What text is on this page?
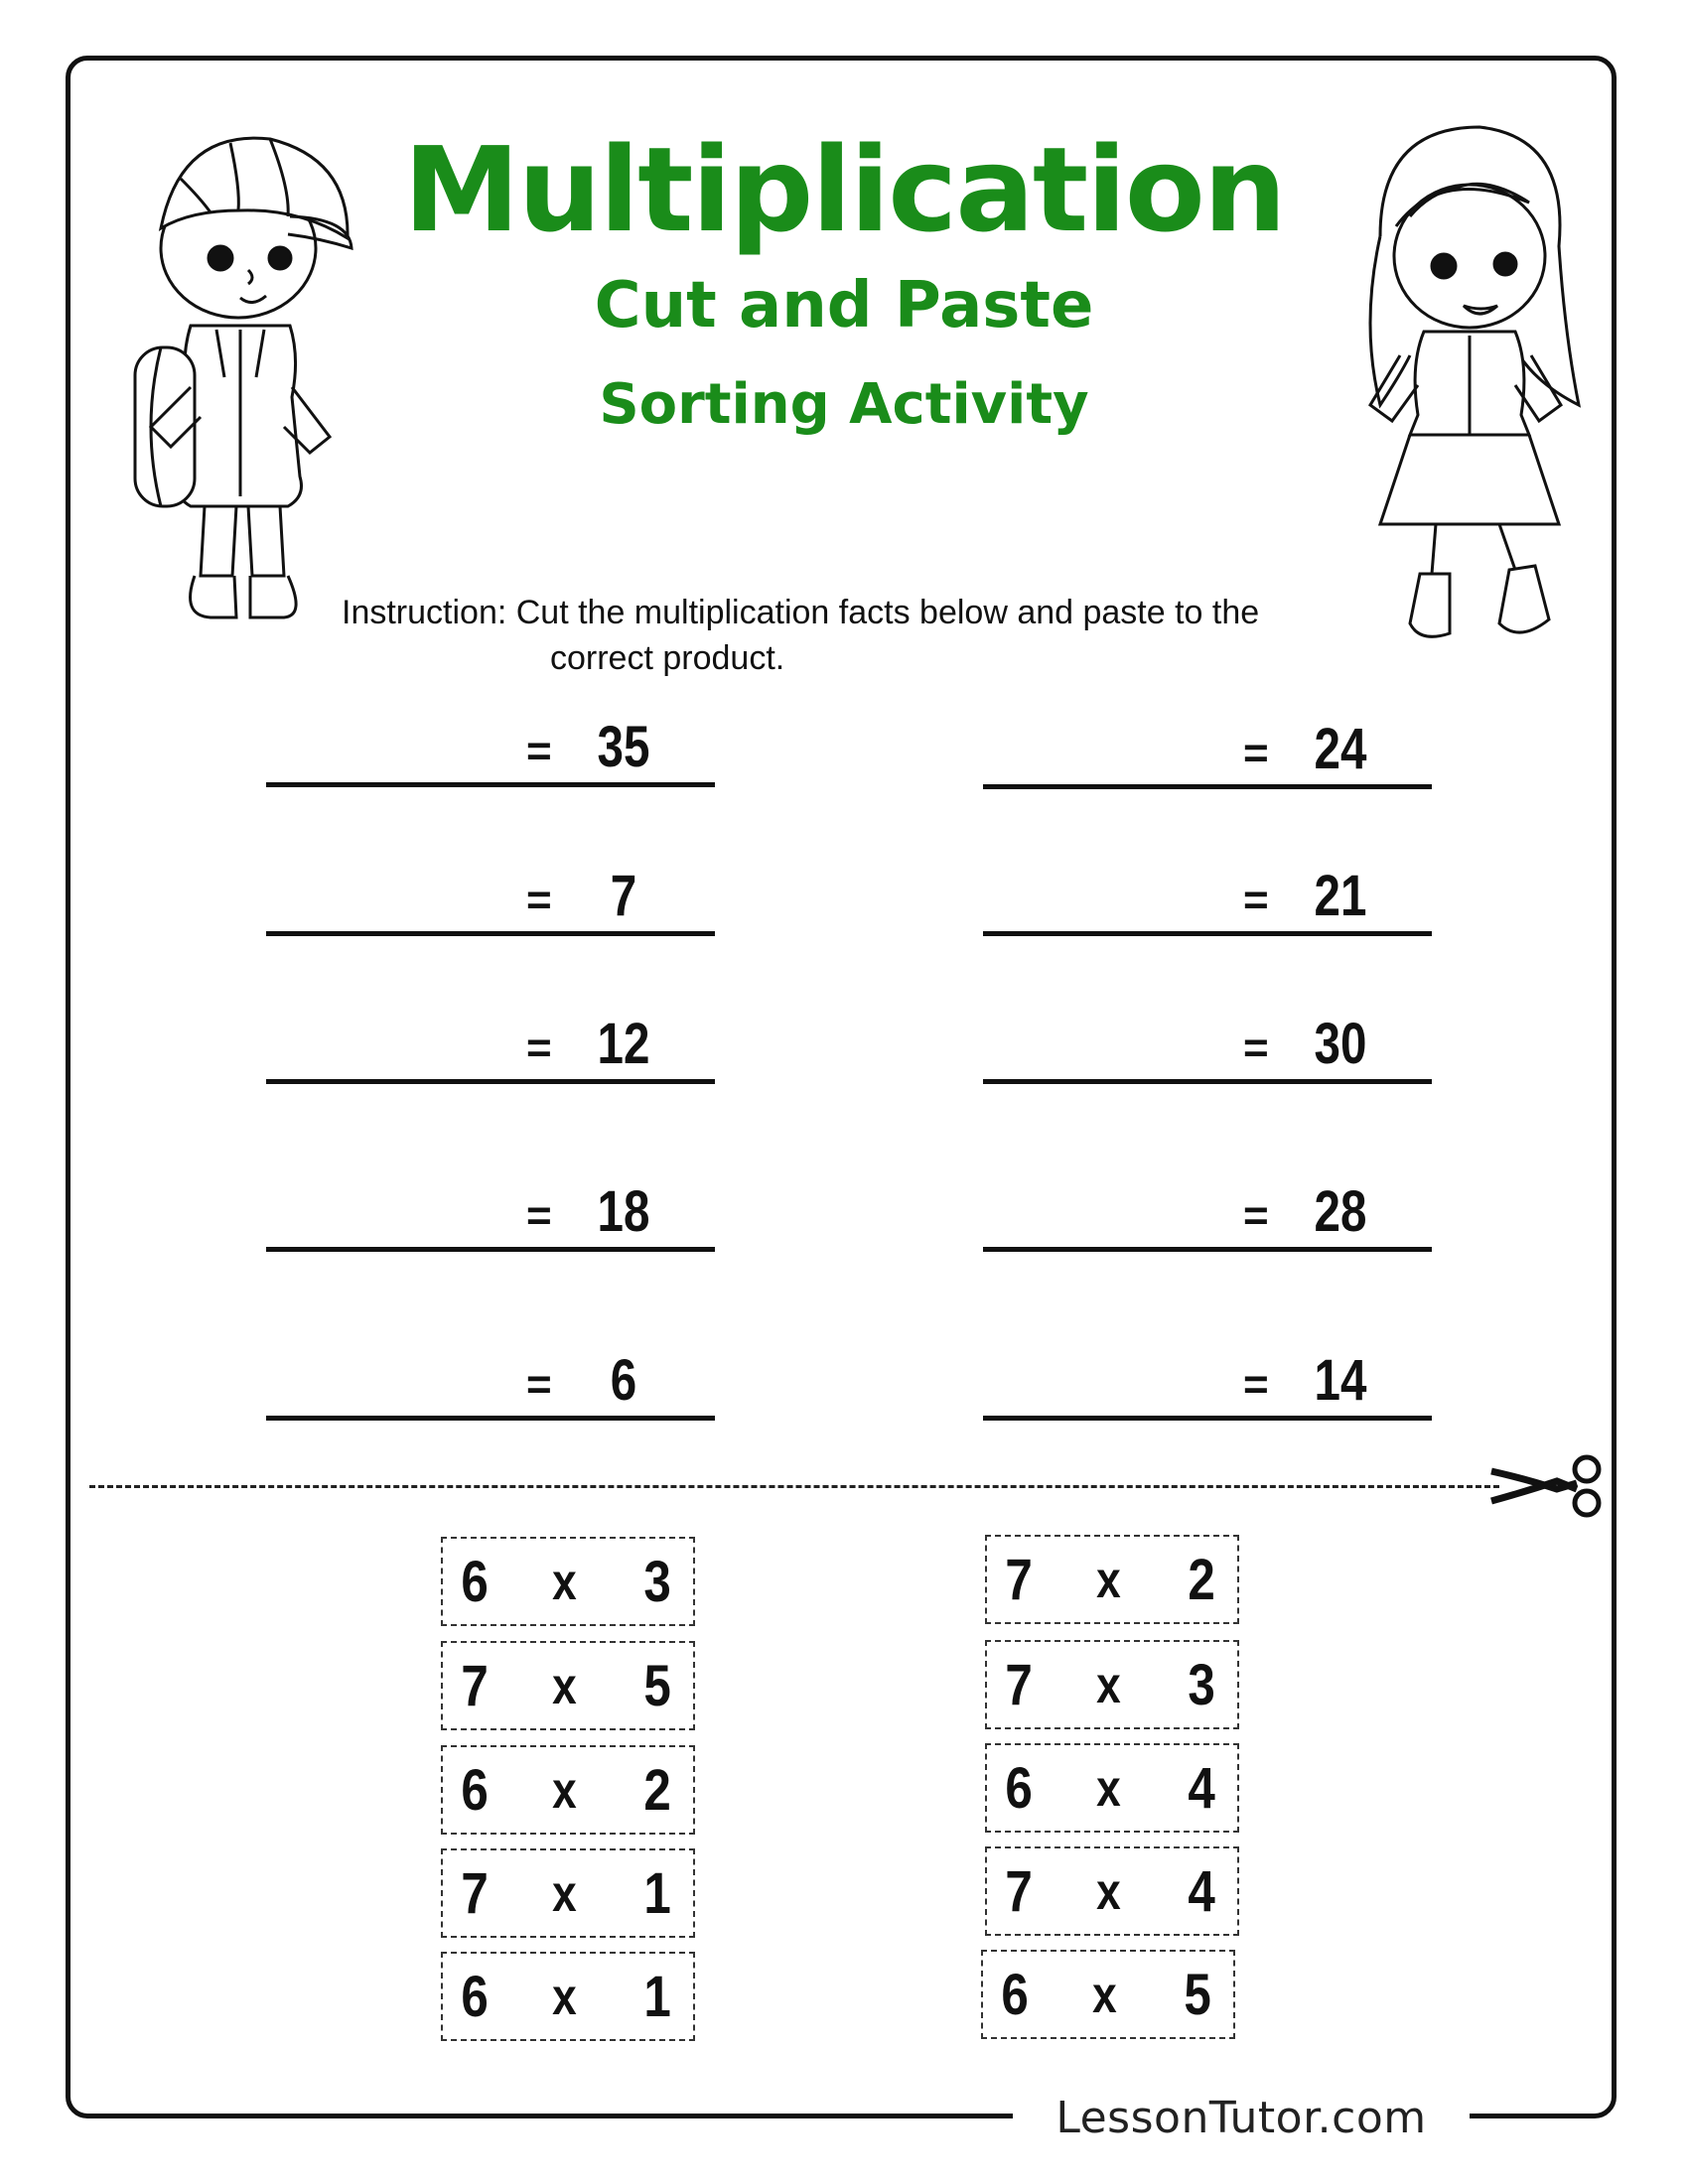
Multiplication
Cut and Paste
Sorting Activity
Instruction: Cut the multiplication facts below and paste to the
correct product.
= 35
=	7
= 12
= 18
=	6
= 24
= 21
= 30
= 28
= 14
6 x 3
7 x 5
6 x 2
7 x 1
6 x 1
7 x 2
7 x 3
6 x 4
7 x 4
6 x 5
LessonTutor.com
